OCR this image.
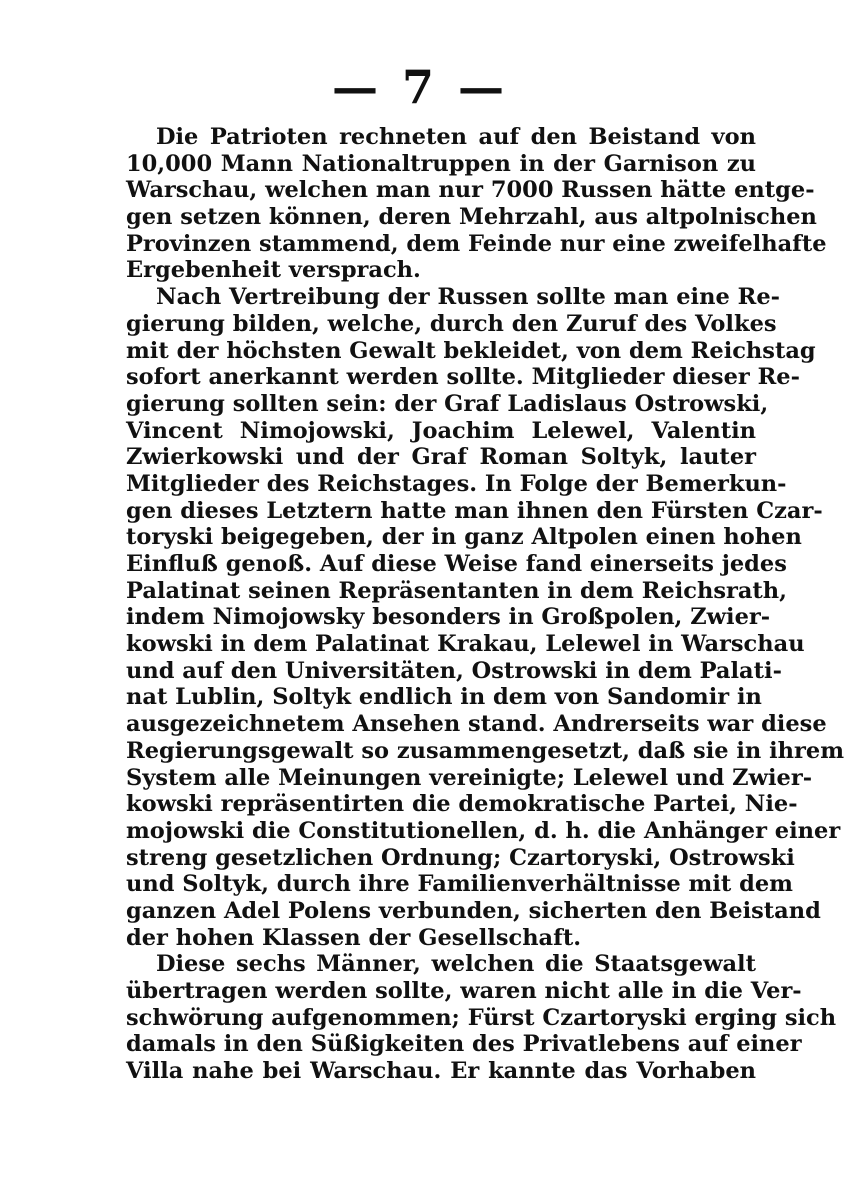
— 7 —
Die Patrioten rechneten auf den Beistand von
10,000 Mann Nationaltruppen in der Garnison zu
Warschau, welchen man nur 7000 Russen hätte entge-
gen setzen können, deren Mehrzahl, aus altpolnischen
Provinzen stammend, dem Feinde nur eine zweifelhafte
Ergebenheit versprach.
Nach Vertreibung der Russen sollte man eine Re-
gierung bilden, welche, durch den Zuruf des Volkes
mit der höchsten Gewalt bekleidet, von dem Reichstag
sofort anerkannt werden sollte. Mitglieder dieser Re-
gierung sollten sein: der Graf Ladislaus Ostrowski,
Vincent Nimojowski, Joachim Lelewel, Valentin
Zwierkowski und der Graf Roman Soltyk, lauter
Mitglieder des Reichstages. In Folge der Bemerkun-
gen dieses Letztern hatte man ihnen den Fürsten Czar-
toryski beigegeben, der in ganz Altpolen einen hohen
Einfluß genoß. Auf diese Weise fand einerseits jedes
Palatinat seinen Repräsentanten in dem Reichsrath,
indem Nimojowsky besonders in Großpolen, Zwier-
kowski in dem Palatinat Krakau, Lelewel in Warschau
und auf den Universitäten, Ostrowski in dem Palati-
nat Lublin, Soltyk endlich in dem von Sandomir in
ausgezeichnetem Ansehen stand. Andrerseits war diese
Regierungsgewalt so zusammengesetzt, daß sie in ihrem
System alle Meinungen vereinigte; Lelewel und Zwier-
kowski repräsentirten die demokratische Partei, Nie-
mojowski die Constitutionellen, d. h. die Anhänger einer
streng gesetzlichen Ordnung; Czartoryski, Ostrowski
und Soltyk, durch ihre Familienverhältnisse mit dem
ganzen Adel Polens verbunden, sicherten den Beistand
der hohen Klassen der Gesellschaft.
Diese sechs Männer, welchen die Staatsgewalt
übertragen werden sollte, waren nicht alle in die Ver-
schwörung aufgenommen; Fürst Czartoryski erging sich
damals in den Süßigkeiten des Privatlebens auf einer
Villa nahe bei Warschau. Er kannte das Vorhaben
